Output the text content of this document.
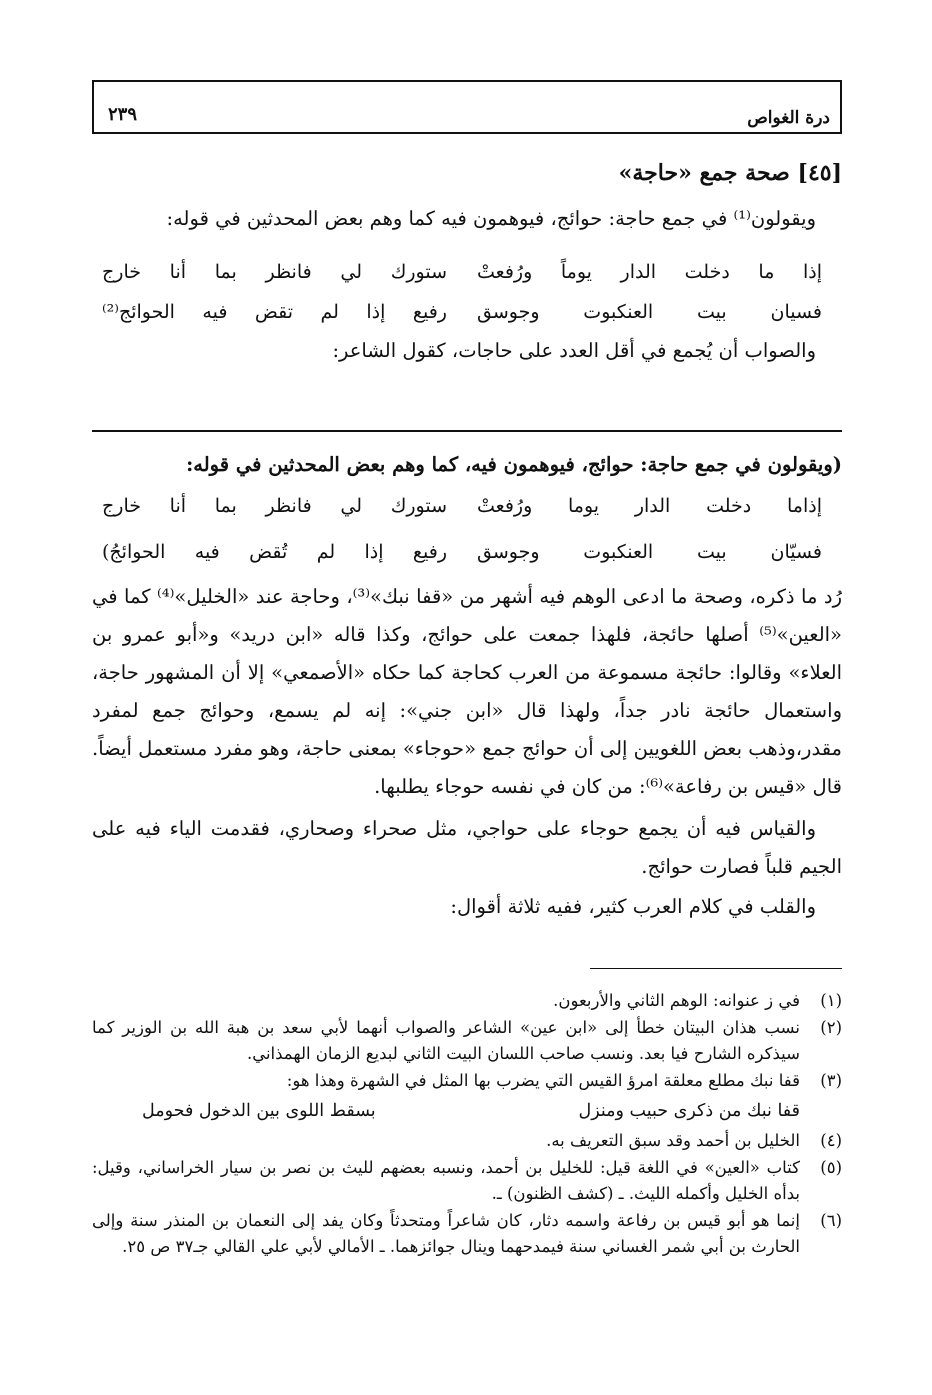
درة الغواص
٢٣٩
[٤٥] صحة جمع «حاجة»

ويقولون⁽¹⁾ في جمع حاجة: حوائج، فيوهمون فيه كما وهم بعض المحدثين في قوله:

إذا ما دخلت الدار يوماً ورُفعتْ
ستورك لي فانظر بما أنا خارج
فسيان بيت العنكبوت وجوسق
رفيع إذا لم تقض فيه الحوائج⁽²⁾

والصواب أن يُجمع في أقل العدد على حاجات، كقول الشاعر:

(ويقولون في جمع حاجة: حوائج، فيوهمون فيه، كما وهم بعض المحدثين في قوله:

إذاما دخلت الدار يوما ورُفعتْ
ستورك لي فانظر بما أنا خارج
فسيّان بيت العنكبوت وجوسق
رفيع إذا لم تُقض فيه الحوائجُ)

رُد ما ذكره، وصحة ما ادعى الوهم فيه أشهر من «قفا نبك»⁽³⁾، وحاجة عند «الخليل»⁽⁴⁾ كما في «العين»⁽⁵⁾ أصلها حائجة، فلهذا جمعت على حوائج، وكذا قاله «ابن دريد» و«أبو عمرو بن العلاء» وقالوا: حائجة مسموعة من العرب كحاجة كما حكاه «الأصمعي» إلا أن المشهور حاجة، واستعمال حائجة نادر جداً، ولهذا قال «ابن جني»: إنه لم يسمع، وحوائج جمع لمفرد مقدر،وذهب بعض اللغويين إلى أن حوائج جمع «حوجاء» بمعنى حاجة، وهو مفرد مستعمل أيضاً. قال «قيس بن رفاعة»⁽⁶⁾: من كان في نفسه حوجاء يطلبها.

والقياس فيه أن يجمع حوجاء على حواجي، مثل صحراء وصحاري، فقدمت الياء فيه على الجيم قلباً فصارت حوائج.

والقلب في كلام العرب كثير، ففيه ثلاثة أقوال:

(١)
في ز عنوانه: الوهم الثاني والأربعون.
(٢)
نسب هذان البيتان خطأ إلى «ابن عين» الشاعر والصواب أنهما لأبي سعد بن هبة الله بن الوزير كما سيذكره الشارح فيا بعد. ونسب صاحب اللسان البيت الثاني لبديع الزمان الهمذاني.
(٣)
قفا نبك مطلع معلقة امرؤ القيس التي يضرب بها المثل في الشهرة وهذا هو:
قفا نبك من ذكرى حبيب ومنزل
بسقط اللوى بين الدخول فحومل
(٤)
الخليل بن أحمد وقد سبق التعريف به.
(٥)
كتاب «العين» في اللغة قيل: للخليل بن أحمد، ونسبه بعضهم لليث بن نصر بن سيار الخراساني، وقيل: بدأه الخليل وأكمله الليث. ـ (كشف الظنون) ـ.
(٦)
إنما هو أبو قيس بن رفاعة واسمه دثار، كان شاعراً ومتحدثاً وكان يفد إلى النعمان بن المنذر سنة وإلى الحارث بن أبي شمر الغساني سنة فيمدحهما وينال جوائزهما. ـ الأمالي لأبي علي القالي جـ٣٧ ص ٢٥.
